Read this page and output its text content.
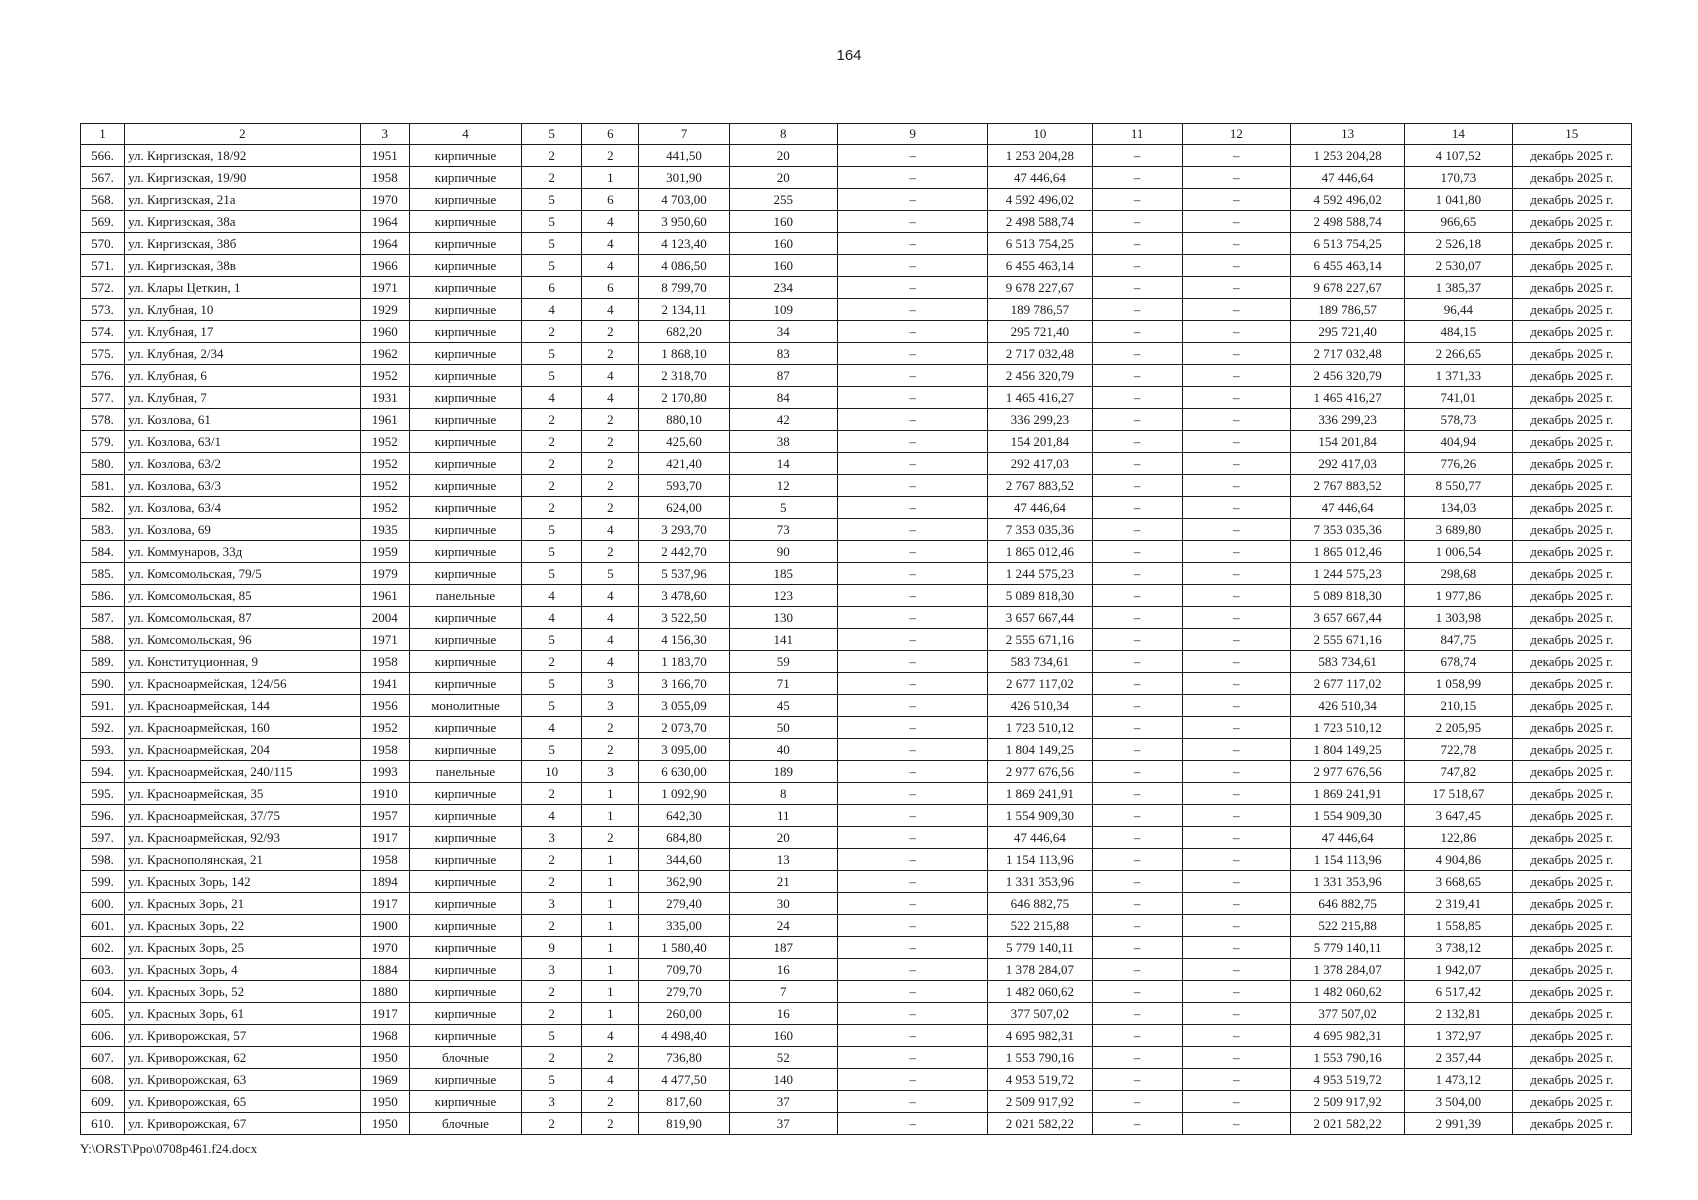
164
1	2	3	4	5	6	7	8	9	10	11	12	13	14	15
566.	ул. Киргизская, 18/92	1951	кирпичные	2	2	441,50	20	–	1 253 204,28	–	–	1 253 204,28	4 107,52	декабрь 2025 г.
567.	ул. Киргизская, 19/90	1958	кирпичные	2	1	301,90	20	–	47 446,64	–	–	47 446,64	170,73	декабрь 2025 г.
568.	ул. Киргизская, 21а	1970	кирпичные	5	6	4 703,00	255	–	4 592 496,02	–	–	4 592 496,02	1 041,80	декабрь 2025 г.
569.	ул. Киргизская, 38а	1964	кирпичные	5	4	3 950,60	160	–	2 498 588,74	–	–	2 498 588,74	966,65	декабрь 2025 г.
570.	ул. Киргизская, 38б	1964	кирпичные	5	4	4 123,40	160	–	6 513 754,25	–	–	6 513 754,25	2 526,18	декабрь 2025 г.
571.	ул. Киргизская, 38в	1966	кирпичные	5	4	4 086,50	160	–	6 455 463,14	–	–	6 455 463,14	2 530,07	декабрь 2025 г.
572.	ул. Клары Цеткин, 1	1971	кирпичные	6	6	8 799,70	234	–	9 678 227,67	–	–	9 678 227,67	1 385,37	декабрь 2025 г.
573.	ул. Клубная, 10	1929	кирпичные	4	4	2 134,11	109	–	189 786,57	–	–	189 786,57	96,44	декабрь 2025 г.
574.	ул. Клубная, 17	1960	кирпичные	2	2	682,20	34	–	295 721,40	–	–	295 721,40	484,15	декабрь 2025 г.
575.	ул. Клубная, 2/34	1962	кирпичные	5	2	1 868,10	83	–	2 717 032,48	–	–	2 717 032,48	2 266,65	декабрь 2025 г.
576.	ул. Клубная, 6	1952	кирпичные	5	4	2 318,70	87	–	2 456 320,79	–	–	2 456 320,79	1 371,33	декабрь 2025 г.
577.	ул. Клубная, 7	1931	кирпичные	4	4	2 170,80	84	–	1 465 416,27	–	–	1 465 416,27	741,01	декабрь 2025 г.
578.	ул. Козлова, 61	1961	кирпичные	2	2	880,10	42	–	336 299,23	–	–	336 299,23	578,73	декабрь 2025 г.
579.	ул. Козлова, 63/1	1952	кирпичные	2	2	425,60	38	–	154 201,84	–	–	154 201,84	404,94	декабрь 2025 г.
580.	ул. Козлова, 63/2	1952	кирпичные	2	2	421,40	14	–	292 417,03	–	–	292 417,03	776,26	декабрь 2025 г.
581.	ул. Козлова, 63/3	1952	кирпичные	2	2	593,70	12	–	2 767 883,52	–	–	2 767 883,52	8 550,77	декабрь 2025 г.
582.	ул. Козлова, 63/4	1952	кирпичные	2	2	624,00	5	–	47 446,64	–	–	47 446,64	134,03	декабрь 2025 г.
583.	ул. Козлова, 69	1935	кирпичные	5	4	3 293,70	73	–	7 353 035,36	–	–	7 353 035,36	3 689,80	декабрь 2025 г.
584.	ул. Коммунаров, 33д	1959	кирпичные	5	2	2 442,70	90	–	1 865 012,46	–	–	1 865 012,46	1 006,54	декабрь 2025 г.
585.	ул. Комсомольская, 79/5	1979	кирпичные	5	5	5 537,96	185	–	1 244 575,23	–	–	1 244 575,23	298,68	декабрь 2025 г.
586.	ул. Комсомольская, 85	1961	панельные	4	4	3 478,60	123	–	5 089 818,30	–	–	5 089 818,30	1 977,86	декабрь 2025 г.
587.	ул. Комсомольская, 87	2004	кирпичные	4	4	3 522,50	130	–	3 657 667,44	–	–	3 657 667,44	1 303,98	декабрь 2025 г.
588.	ул. Комсомольская, 96	1971	кирпичные	5	4	4 156,30	141	–	2 555 671,16	–	–	2 555 671,16	847,75	декабрь 2025 г.
589.	ул. Конституционная, 9	1958	кирпичные	2	4	1 183,70	59	–	583 734,61	–	–	583 734,61	678,74	декабрь 2025 г.
590.	ул. Красноармейская, 124/56	1941	кирпичные	5	3	3 166,70	71	–	2 677 117,02	–	–	2 677 117,02	1 058,99	декабрь 2025 г.
591.	ул. Красноармейская, 144	1956	монолитные	5	3	3 055,09	45	–	426 510,34	–	–	426 510,34	210,15	декабрь 2025 г.
592.	ул. Красноармейская, 160	1952	кирпичные	4	2	2 073,70	50	–	1 723 510,12	–	–	1 723 510,12	2 205,95	декабрь 2025 г.
593.	ул. Красноармейская, 204	1958	кирпичные	5	2	3 095,00	40	–	1 804 149,25	–	–	1 804 149,25	722,78	декабрь 2025 г.
594.	ул. Красноармейская, 240/115	1993	панельные	10	3	6 630,00	189	–	2 977 676,56	–	–	2 977 676,56	747,82	декабрь 2025 г.
595.	ул. Красноармейская, 35	1910	кирпичные	2	1	1 092,90	8	–	1 869 241,91	–	–	1 869 241,91	17 518,67	декабрь 2025 г.
596.	ул. Красноармейская, 37/75	1957	кирпичные	4	1	642,30	11	–	1 554 909,30	–	–	1 554 909,30	3 647,45	декабрь 2025 г.
597.	ул. Красноармейская, 92/93	1917	кирпичные	3	2	684,80	20	–	47 446,64	–	–	47 446,64	122,86	декабрь 2025 г.
598.	ул. Краснополянская, 21	1958	кирпичные	2	1	344,60	13	–	1 154 113,96	–	–	1 154 113,96	4 904,86	декабрь 2025 г.
599.	ул. Красных Зорь, 142	1894	кирпичные	2	1	362,90	21	–	1 331 353,96	–	–	1 331 353,96	3 668,65	декабрь 2025 г.
600.	ул. Красных Зорь, 21	1917	кирпичные	3	1	279,40	30	–	646 882,75	–	–	646 882,75	2 319,41	декабрь 2025 г.
601.	ул. Красных Зорь, 22	1900	кирпичные	2	1	335,00	24	–	522 215,88	–	–	522 215,88	1 558,85	декабрь 2025 г.
602.	ул. Красных Зорь, 25	1970	кирпичные	9	1	1 580,40	187	–	5 779 140,11	–	–	5 779 140,11	3 738,12	декабрь 2025 г.
603.	ул. Красных Зорь, 4	1884	кирпичные	3	1	709,70	16	–	1 378 284,07	–	–	1 378 284,07	1 942,07	декабрь 2025 г.
604.	ул. Красных Зорь, 52	1880	кирпичные	2	1	279,70	7	–	1 482 060,62	–	–	1 482 060,62	6 517,42	декабрь 2025 г.
605.	ул. Красных Зорь, 61	1917	кирпичные	2	1	260,00	16	–	377 507,02	–	–	377 507,02	2 132,81	декабрь 2025 г.
606.	ул. Криворожская, 57	1968	кирпичные	5	4	4 498,40	160	–	4 695 982,31	–	–	4 695 982,31	1 372,97	декабрь 2025 г.
607.	ул. Криворожская, 62	1950	блочные	2	2	736,80	52	–	1 553 790,16	–	–	1 553 790,16	2 357,44	декабрь 2025 г.
608.	ул. Криворожская, 63	1969	кирпичные	5	4	4 477,50	140	–	4 953 519,72	–	–	4 953 519,72	1 473,12	декабрь 2025 г.
609.	ул. Криворожская, 65	1950	кирпичные	3	2	817,60	37	–	2 509 917,92	–	–	2 509 917,92	3 504,00	декабрь 2025 г.
610.	ул. Криворожская, 67	1950	блочные	2	2	819,90	37	–	2 021 582,22	–	–	2 021 582,22	2 991,39	декабрь 2025 г.
Y:\ORST\Ppo\0708p461.f24.docx
